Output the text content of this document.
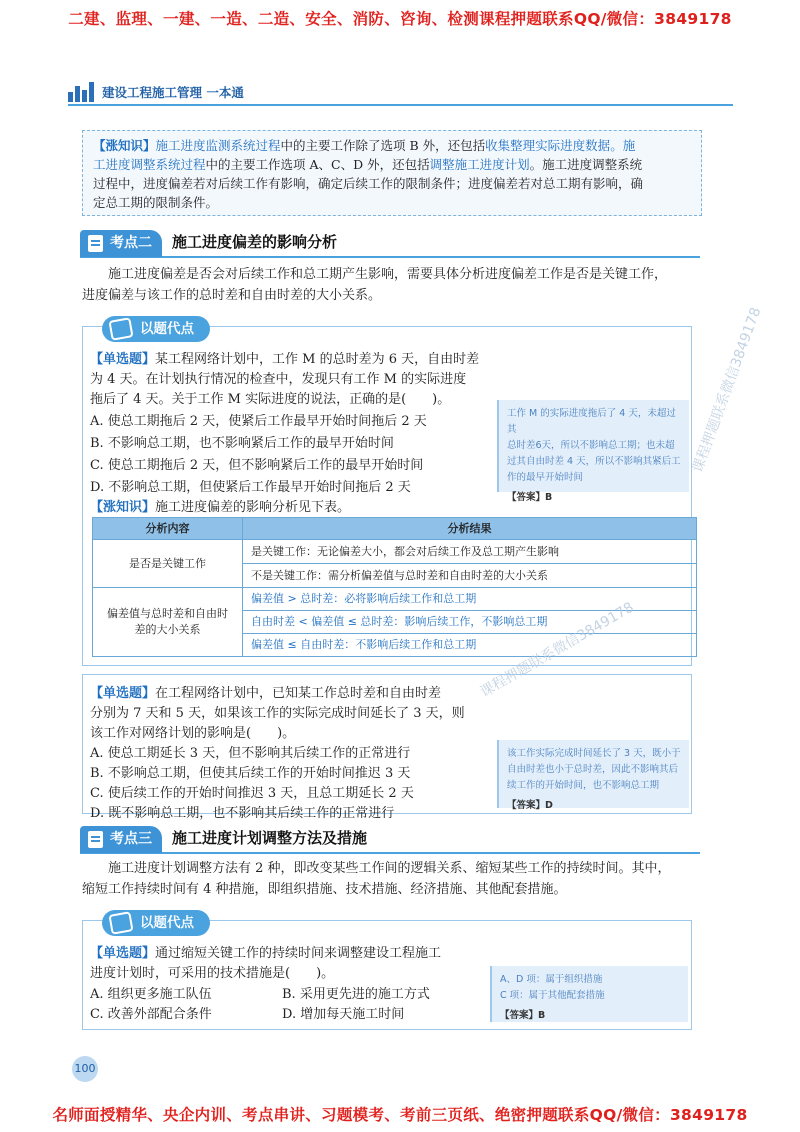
二建、监理、一建、一造、二造、安全、消防、咨询、检测课程押题联系QQ/微信：3849178
建设工程施工管理 一本通
【涨知识】施工进度监测系统过程中的主要工作除了选项 B 外，还包括收集整理实际进度数据。施
工进度调整系统过程中的主要工作选项 A、C、D 外，还包括调整施工进度计划。施工进度调整系统
过程中，进度偏差若对后续工作有影响，确定后续工作的限制条件；进度偏差若对总工期有影响，确
定总工期的限制条件。
考点二	施工进度偏差的影响分析
施工进度偏差是否会对后续工作和总工期产生影响，需要具体分析进度偏差工作是否是关键工作，
进度偏差与该工作的总时差和自由时差的大小关系。
以题代点
【单选题】某工程网络计划中，工作 M 的总时差为 6 天，自由时差
为 4 天。在计划执行情况的检查中，发现只有工作 M 的实际进度
拖后了 4 天。关于工作 M 实际进度的说法，正确的是(　　)。
A. 使总工期拖后 2 天，使紧后工作最早开始时间拖后 2 天
B. 不影响总工期，也不影响紧后工作的最早开始时间
C. 使总工期拖后 2 天，但不影响紧后工作的最早开始时间
D. 不影响总工期，但使紧后工作最早开始时间拖后 2 天
工作 M 的实际进度拖后了 4 天，未超过其
总时差6天，所以不影响总工期；也未超
过其自由时差 4 天，所以不影响其紧后工
作的最早开始时间
【答案】B
【涨知识】施工进度偏差的影响分析见下表。
分析内容	分析结果
是否是关键工作	是关键工作：无论偏差大小，都会对后续工作及总工期产生影响
	不是关键工作：需分析偏差值与总时差和自由时差的大小关系

偏差值与总时差和自由时
差的大小关系	偏差值 > 总时差：必将影响后续工作和总工期
	自由时差 < 偏差值 ≤ 总时差：影响后续工作，不影响总工期
	偏差值 ≤ 自由时差：不影响后续工作和总工期
【单选题】在工程网络计划中，已知某工作总时差和自由时差
分别为 7 天和 5 天，如果该工作的实际完成时间延长了 3 天，则
该工作对网络计划的影响是(　　)。
A. 使总工期延长 3 天，但不影响其后续工作的正常进行
B. 不影响总工期，但使其后续工作的开始时间推迟 3 天
C. 使后续工作的开始时间推迟 3 天，且总工期延长 2 天
D. 既不影响总工期，也不影响其后续工作的正常进行
该工作实际完成时间延长了 3 天，既小于
自由时差也小于总时差，因此不影响其后
续工作的开始时间，也不影响总工期
【答案】D
考点三	施工进度计划调整方法及措施
施工进度计划调整方法有 2 种，即改变某些工作间的逻辑关系、缩短某些工作的持续时间。其中，
缩短工作持续时间有 4 种措施，即组织措施、技术措施、经济措施、其他配套措施。
以题代点
【单选题】通过缩短关键工作的持续时间来调整建设工程施工
进度计划时，可采用的技术措施是(　　)。
A. 组织更多施工队伍	B. 采用更先进的施工方式
C. 改善外部配合条件	D. 增加每天施工时间
A、D 项：属于组织措施
C 项：属于其他配套措施
【答案】B
课程押题联系微信3849178
课程押题联系微信3849178
100
名师面授精华、央企内训、考点串讲、习题模考、考前三页纸、绝密押题联系QQ/微信：3849178
